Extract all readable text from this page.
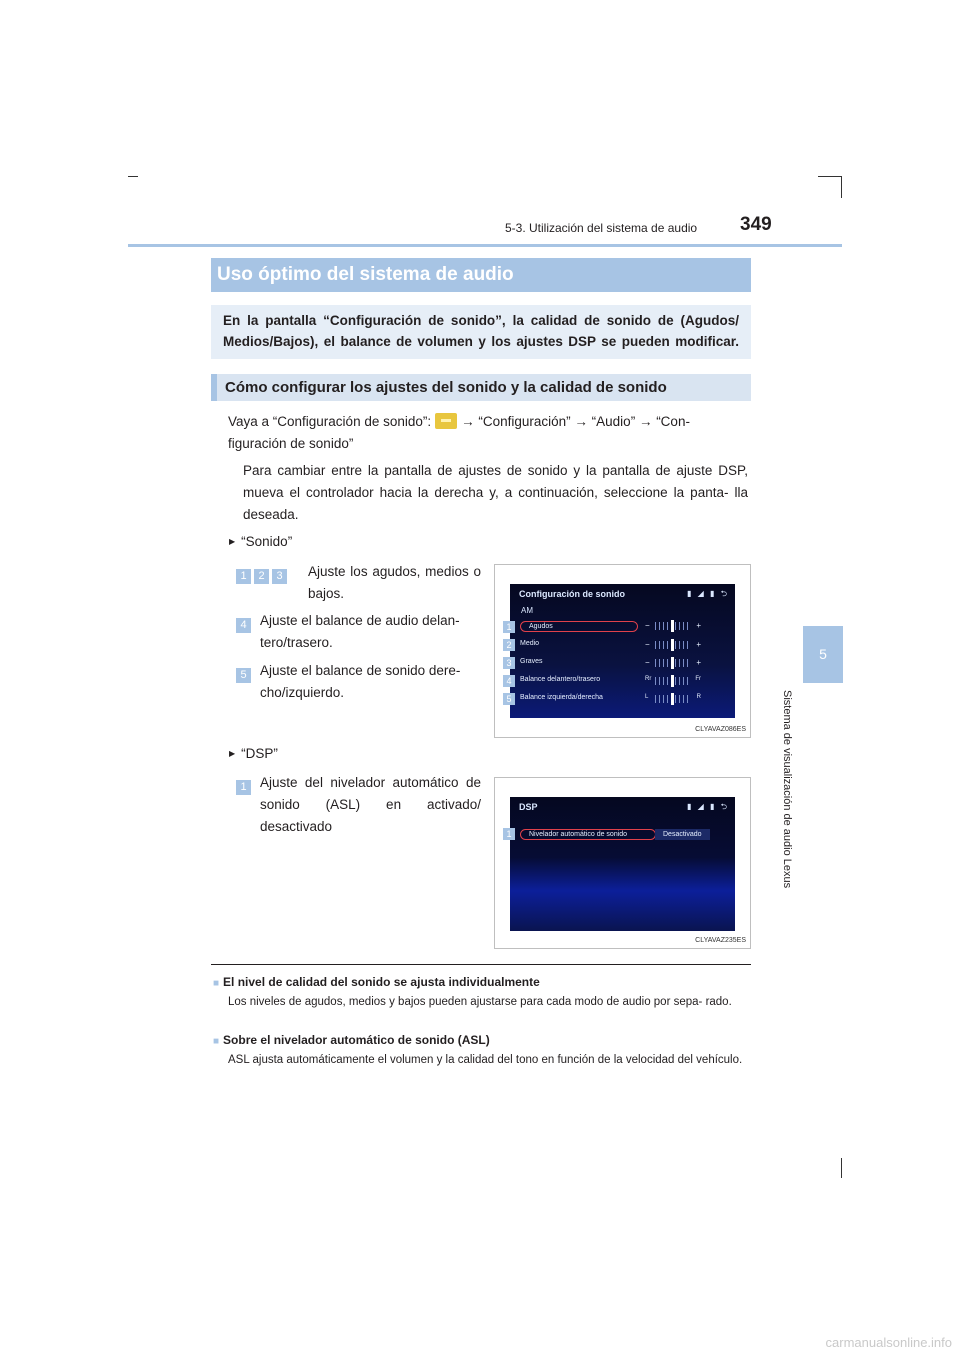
5-3. Utilización del sistema de audio 349
5
Sistema de visualización de audio Lexus
Uso óptimo del sistema de audio
En la pantalla “Configuración de sonido”, la calidad de sonido de (Agudos/ Medios/Bajos), el balance de volumen y los ajustes DSP se pueden modificar.
Cómo configurar los ajustes del sonido y la calidad de sonido
Vaya a “Configuración de sonido”: → “Configuración” → “Audio” → “Con-
figuración de sonido”
Para cambiar entre la pantalla de ajustes de sonido y la pantalla de ajuste DSP, mueva el controlador hacia la derecha y, a continuación, seleccione la panta- lla deseada.
▶ “Sonido”
1 2 3	Ajuste los agudos, medios o bajos.
4 Ajuste el balance de audio delan- tero/trasero.
5 Ajuste el balance de sonido dere- cho/izquierdo.
Configuración de sonido	▮ ◢ ▮ ⮌
AM
Agudos
Medio
Graves
Balance delantero/trasero
Balance izquierda/derecha
−	+
−	+
−	+
Rr	Fr
L	R
1
2
3
4
5
CLYAVAZ086ES
▶ “DSP”
1 Ajuste del nivelador automático de sonido (ASL) en activado/ desactivado
DSP	▮ ◢ ▮ ⮌
Nivelador automático de sonido	Desactivado
1
CLYAVAZ235ES
■ El nivel de calidad del sonido se ajusta individualmente
Los niveles de agudos, medios y bajos pueden ajustarse para cada modo de audio por sepa- rado.
■ Sobre el nivelador automático de sonido (ASL)
ASL ajusta automáticamente el volumen y la calidad del tono en función de la velocidad del vehículo.
carmanualsonline.info
